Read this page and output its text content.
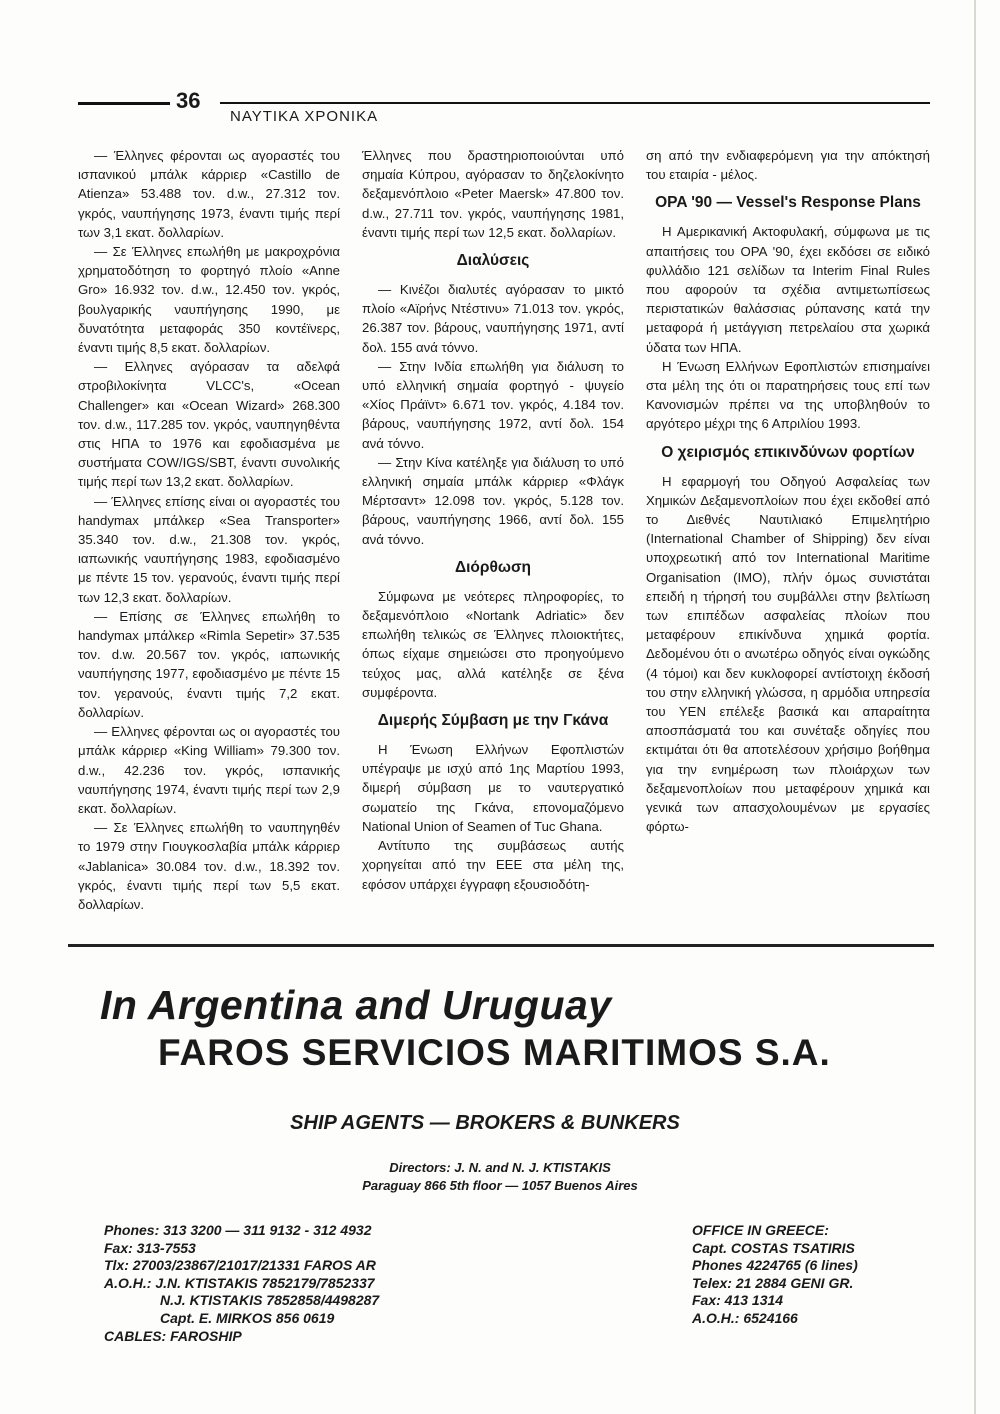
36
ΝΑΥΤΙΚΑ ΧΡΟΝΙΚΑ

— Έλληνες φέρονται ως αγοραστές του ισπανικού μπάλκ κάρριερ «Castillo de Atienza» 53.488 τον. d.w., 27.312 τον. γκρός, ναυπήγησης 1973, έναντι τιμής περί των 3,1 εκατ. δολλαρίων.

— Σε Έλληνες επωλήθη με μακροχρόνια χρηματοδότηση το φορτηγό πλοίο «Anne Gro» 16.932 τον. d.w., 12.450 τον. γκρός, βουλγαρικής ναυπήγησης 1990, με δυνατότητα μεταφοράς 350 κοντέϊνερς, έναντι τιμής 8,5 εκατ. δολλαρίων.

— Ελληνες αγόρασαν τα αδελφά στροβιλοκίνητα VLCC's, «Ocean Challenger» και «Ocean Wizard» 268.300 τον. d.w., 117.285 τον. γκρός, ναυπηγηθέντα στις ΗΠΑ το 1976 και εφοδιασμένα με συστήματα COW/IGS/SBT, έναντι συνολικής τιμής περί των 13,2 εκατ. δολλαρίων.

— Έλληνες επίσης είναι οι αγοραστές του handymax μπάλκερ «Sea Transporter» 35.340 τον. d.w., 21.308 τον. γκρός, ιαπωνικής ναυπήγησης 1983, εφοδιασμένο με πέντε 15 τον. γερανούς, έναντι τιμής περί των 12,3 εκατ. δολλαρίων.

— Επίσης σε Έλληνες επωλήθη το handymax μπάλκερ «Rimla Sepetir» 37.535 τον. d.w. 20.567 τον. γκρός, ιαπωνικής ναυπήγησης 1977, εφοδιασμένο με πέντε 15 τον. γερανούς, έναντι τιμής 7,2 εκατ. δολλαρίων.

— Ελληνες φέρονται ως οι αγοραστές του μπάλκ κάρριερ «King William» 79.300 τον. d.w., 42.236 τον. γκρός, ισπανικής ναυπήγησης 1974, έναντι τιμής περί των 2,9 εκατ. δολλαρίων.

— Σε Έλληνες επωλήθη το ναυπηγηθέν το 1979 στην Γιουγκοσλαβία μπάλκ κάρριερ «Jablanica» 30.084 τον. d.w., 18.392 τον. γκρός, έναντι τιμής περί των 5,5 εκατ. δολλαρίων.

Έλληνες που δραστηριοποιούνται υπό σημαία Κύπρου, αγόρασαν το δηζελοκίνητο δεξαμενόπλοιο «Peter Mаersk» 47.800 τον. d.w., 27.711 τον. γκρός, ναυπήγησης 1981, έναντι τιμής περί των 12,5 εκατ. δολλαρίων.

Διαλύσεις

— Κινέζοι διαλυτές αγόρασαν το μικτό πλοίο «Αϊρήνς Ντέστινυ» 71.013 τον. γκρός, 26.387 τον. βάρους, ναυπήγησης 1971, αντί δολ. 155 ανά τόννο.

— Στην Ινδία επωλήθη για διάλυση το υπό ελληνική σημαία φορτηγό - ψυγείο «Χίος Πράϊντ» 6.671 τον. γκρός, 4.184 τον. βάρους, ναυπήγησης 1972, αντί δολ. 154 ανά τόννο.

— Στην Κίνα κατέληξε για διάλυση το υπό ελληνική σημαία μπάλκ κάρριερ «Φλάγκ Μέρτσαντ» 12.098 τον. γκρός, 5.128 τον. βάρους, ναυπήγησης 1966, αντί δολ. 155 ανά τόννο.

Διόρθωση

Σύμφωνα με νεότερες πληροφορίες, το δεξαμενόπλοιο «Nortank Adriatic» δεν επωλήθη τελικώς σε Έλληνες πλοιοκτήτες, όπως είχαμε σημειώσει στο προηγούμενο τεύχος μας, αλλά κατέληξε σε ξένα συμφέροντα.

Διμερής Σύμβαση με την Γκάνα

Η Ένωση Ελλήνων Εφοπλιστών υπέγραψε με ισχύ από 1ης Μαρτίου 1993, διμερή σύμβαση με το ναυτεργατικό σωματείο της Γκάνα, επονομαζόμενο National Union of Seamen of Tuc Ghana.

Αντίτυπο της συμβάσεως αυτής χορηγείται από την ΕΕΕ στα μέλη της, εφόσον υπάρχει έγγραφη εξουσιοδότη-

ση από την ενδιαφερόμενη για την απόκτησή του εταιρία - μέλος.

OPA '90 — Vessel's Response Plans

Η Αμερικανική Ακτοφυλακή, σύμφωνα με τις απαιτήσεις του OPA '90, έχει εκδόσει σε ειδικό φυλλάδιο 121 σελίδων τα Interim Final Rules που αφορούν τα σχέδια αντιμετωπίσεως περιστατικών θαλάσσιας ρύπανσης κατά την μεταφορά ή μετάγγιση πετρελαίου στα χωρικά ύδατα των ΗΠΑ.

Η Ένωση Ελλήνων Εφοπλιστών επισημαίνει στα μέλη της ότι οι παρατηρήσεις τους επί των Κανονισμών πρέπει να της υποβληθούν το αργότερο μέχρι της 6 Απριλίου 1993.

Ο χειρισμός επικινδύνων φορτίων

Η εφαρμογή του Οδηγού Ασφαλείας των Χημικών Δεξαμενοπλοίων που έχει εκδοθεί από το Διεθνές Ναυτιλιακό Επιμελητήριο (International Chamber of Shipping) δεν είναι υποχρεωτική από τον International Maritime Organisation (IMO), πλήν όμως συνιστάται επειδή η τήρησή του συμβάλλει στην βελτίωση των επιπέδων ασφαλείας πλοίων που μεταφέρουν επικίνδυνα χημικά φορτία. Δεδομένου ότι ο ανωτέρω οδηγός είναι ογκώδης (4 τόμοι) και δεν κυκλοφορεί αντίστοιχη έκδοσή του στην ελληνική γλώσσα, η αρμόδια υπηρεσία του ΥΕΝ επέλεξε βασικά και απαραίτητα αποσπάσματά του και συνέταξε οδηγίες που εκτιμάται ότι θα αποτελέσουν χρήσιμο βοήθημα για την ενημέρωση των πλοιάρχων των δεξαμενοπλοίων που μεταφέρουν χημικά και γενικά των απασχολουμένων με εργασίες φόρτω-

In Argentina and Uruguay
FAROS SERVICIOS MARITIMOS S.A.
SHIP AGENTS — BROKERS & BUNKERS
Directors: J. N. and N. J. KTISTAKIS
Paraguay 866 5th floor — 1057 Buenos Aires
Phones: 313 3200 — 311 9132 - 312 4932
Fax: 313-7553
Tlx: 27003/23867/21017/21331 FAROS AR
A.O.H.: J.N. KTISTAKIS 7852179/7852337
N.J. KTISTAKIS 7852858/4498287
Capt. E. MIRKOS 856 0619
CABLES: FAROSHIP
OFFICE IN GREECE:
Capt. COSTAS TSATIRIS
Phones 4224765 (6 lines)
Telex: 21 2884 GENI GR.
Fax: 413 1314
A.O.H.: 6524166
